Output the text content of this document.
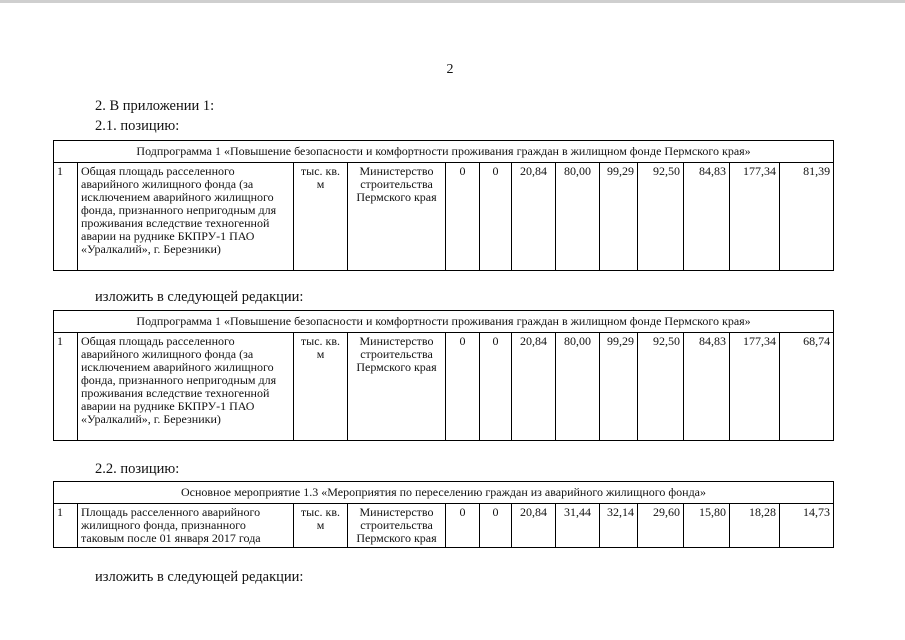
2
2. В приложении 1:
2.1. позицию:
Подпрограмма 1 «Повышение безопасности и комфортности проживания граждан в жилищном фонде Пермского края»
1	Общая площадь расселенного аварийного жилищного фонда (за исключением аварийного жилищного фонда, признанного непригодным для проживания вследствие техногенной аварии на руднике БКПРУ-1 ПАО «Уралкалий», г. Березники)	тыс. кв. м	Министерство строительства Пермского края	0	0	20,84	80,00	99,29	92,50	84,83	177,34	81,39
изложить в следующей редакции:
Подпрограмма 1 «Повышение безопасности и комфортности проживания граждан в жилищном фонде Пермского края»
1	Общая площадь расселенного аварийного жилищного фонда (за исключением аварийного жилищного фонда, признанного непригодным для проживания вследствие техногенной аварии на руднике БКПРУ-1 ПАО «Уралкалий», г. Березники)	тыс. кв. м	Министерство строительства Пермского края	0	0	20,84	80,00	99,29	92,50	84,83	177,34	68,74
2.2. позицию:
Основное мероприятие 1.3 «Мероприятия по переселению граждан из аварийного жилищного фонда»
1	Площадь расселенного аварийного жилищного фонда, признанного таковым после 01 января 2017 года	тыс. кв. м	Министерство строительства Пермского края	0	0	20,84	31,44	32,14	29,60	15,80	18,28	14,73
изложить в следующей редакции:
